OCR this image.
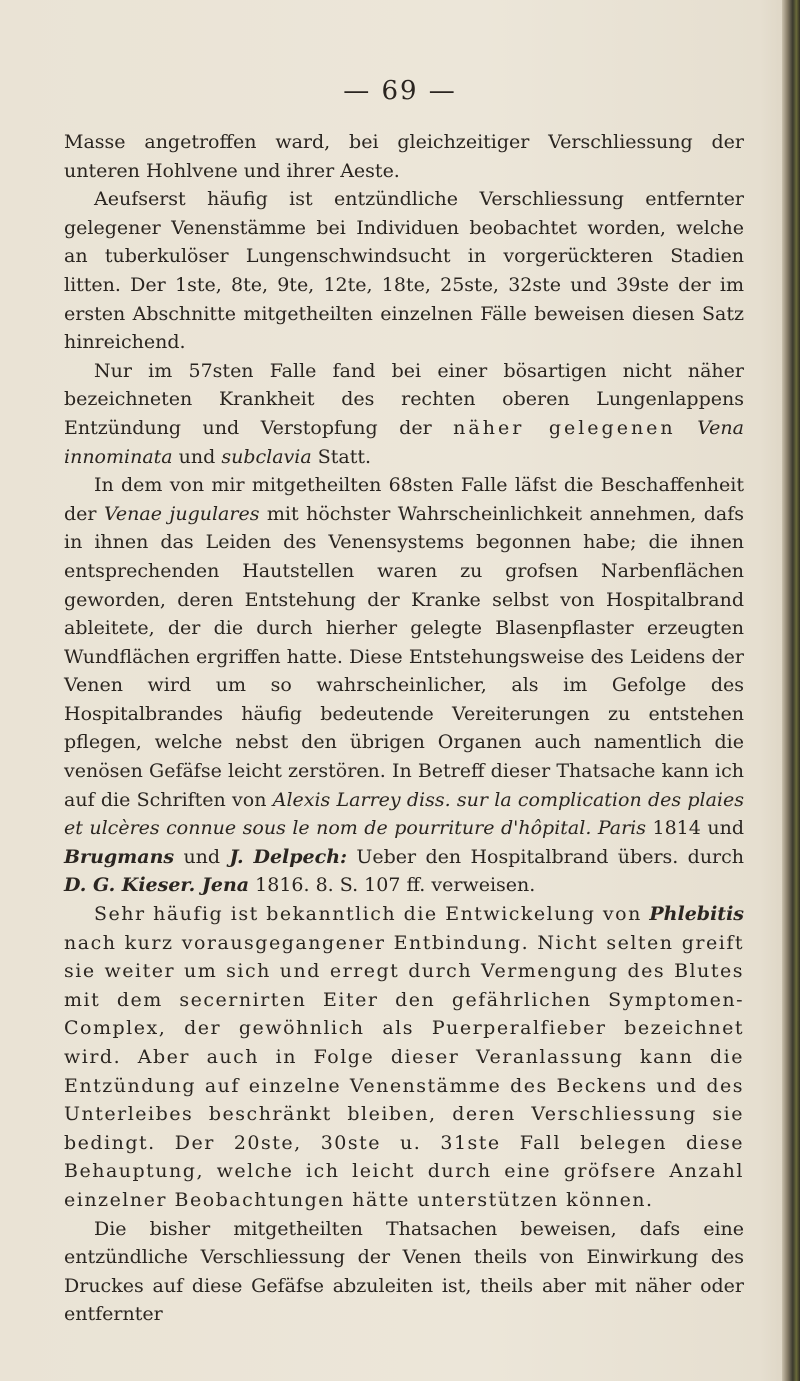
— 69 —

Masse angetroffen ward, bei gleichzeitiger Verschliessung der unteren Hohlvene und ihrer Aeste.

Aeufserst häufig ist entzündliche Verschliessung entfernter gelegener Venenstämme bei Individuen beobachtet worden, welche an tuberkulöser Lungenschwindsucht in vorgerückteren Stadien litten. Der 1ste, 8te, 9te, 12te, 18te, 25ste, 32ste und 39ste der im ersten Abschnitte mitgetheilten einzelnen Fälle beweisen diesen Satz hinreichend.

Nur im 57sten Falle fand bei einer bösartigen nicht näher bezeichneten Krankheit des rechten oberen Lungenlappens Entzündung und Verstopfung der näher gelegenen Vena innominata und subclavia Statt.

In dem von mir mitgetheilten 68sten Falle läfst die Beschaffenheit der Venae jugulares mit höchster Wahrscheinlichkeit annehmen, dafs in ihnen das Leiden des Venensystems begonnen habe; die ihnen entsprechenden Hautstellen waren zu grofsen Narbenflächen geworden, deren Entstehung der Kranke selbst von Hospitalbrand ableitete, der die durch hierher gelegte Blasenpflaster erzeugten Wundflächen ergriffen hatte. Diese Entstehungsweise des Leidens der Venen wird um so wahrscheinlicher, als im Gefolge des Hospitalbrandes häufig bedeutende Vereiterungen zu entstehen pflegen, welche nebst den übrigen Organen auch namentlich die venösen Gefäfse leicht zerstören. In Betreff dieser Thatsache kann ich auf die Schriften von Alexis Larrey diss. sur la complication des plaies et ulcères connue sous le nom de pourriture d'hôpital. Paris 1814 und Brugmans und J. Delpech: Ueber den Hospitalbrand übers. durch D. G. Kieser. Jena 1816. 8. S. 107 ff. verweisen.

Sehr häufig ist bekanntlich die Entwickelung von Phlebitis nach kurz vorausgegangener Entbindung. Nicht selten greift sie weiter um sich und erregt durch Vermengung des Blutes mit dem secernirten Eiter den gefährlichen Symptomen-Complex, der gewöhnlich als Puerperalfieber bezeichnet wird. Aber auch in Folge dieser Veranlassung kann die Entzündung auf einzelne Venenstämme des Beckens und des Unterleibes beschränkt bleiben, deren Verschliessung sie bedingt. Der 20ste, 30ste u. 31ste Fall belegen diese Behauptung, welche ich leicht durch eine gröfsere Anzahl einzelner Beobachtungen hätte unterstützen können.

Die bisher mitgetheilten Thatsachen beweisen, dafs eine entzündliche Verschliessung der Venen theils von Einwirkung des Druckes auf diese Gefäfse abzuleiten ist, theils aber mit näher oder entfernter
